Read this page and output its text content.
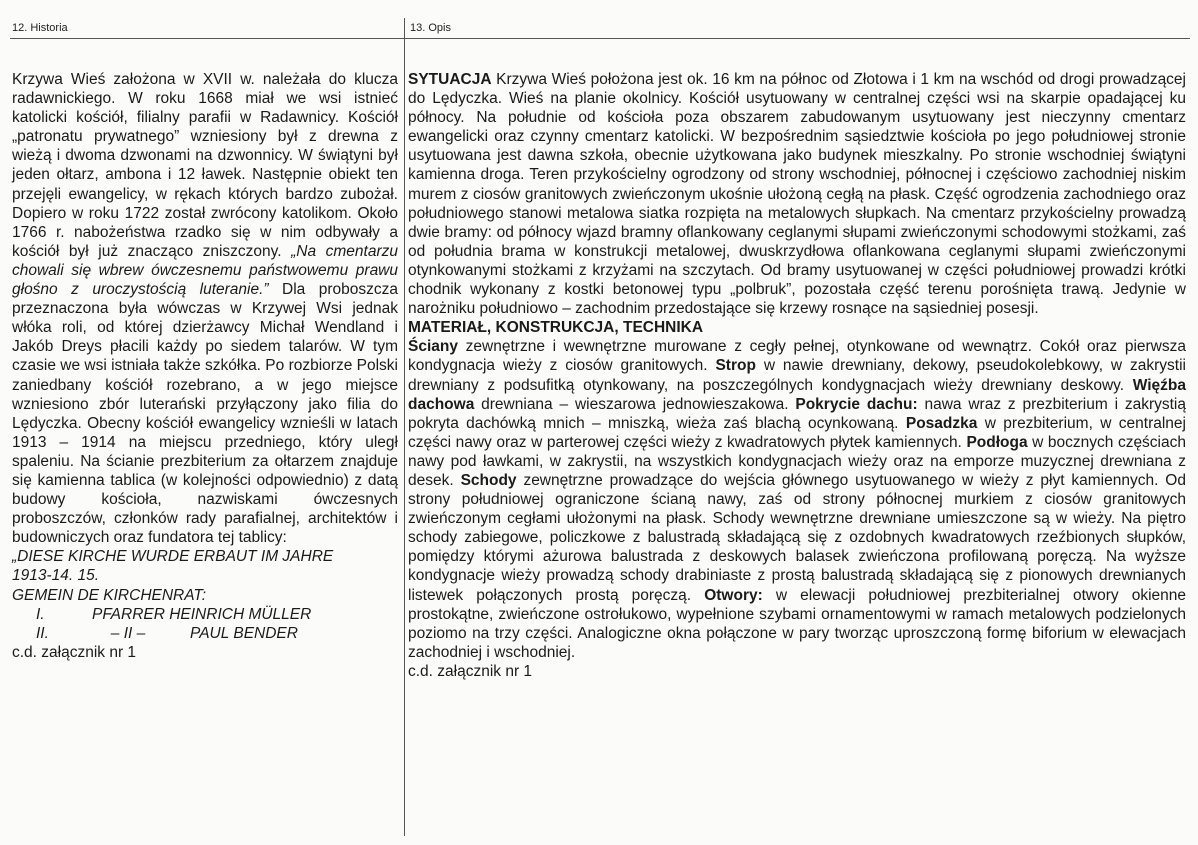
12. Historia	13. Opis

Krzywa Wieś założona w XVII w. należała do klucza radawnickiego. W roku 1668 miał we wsi istnieć katolicki kościół, filialny parafii w Radawnicy. Kościół „patronatu prywatnego” wzniesiony był z drewna z wieżą i dwoma dzwonami na dzwonnicy. W świątyni był jeden ołtarz, ambona i 12 ławek. Następnie obiekt ten przejęli ewangelicy, w rękach których bardzo zubożał. Dopiero w roku 1722 został zwrócony katolikom. Około 1766 r. nabożeństwa rzadko się w nim odbywały a kościół był już znacząco zniszczony. „Na cmentarzu chowali się wbrew ówczesnemu państwowemu prawu głośno z uroczystością luteranie.” Dla proboszcza przeznaczona była wówczas w Krzywej Wsi jednak włóka roli, od której dzierżawcy Michał Wendland i Jakób Dreys płacili każdy po siedem talarów. W tym czasie we wsi istniała także szkółka. Po rozbiorze Polski zaniedbany kościół rozebrano, a w jego miejsce wzniesiono zbór luterański przyłączony jako filia do Lędyczka. Obecny kościół ewangelicy wznieśli w latach 1913 – 1914 na miejscu przedniego, który uległ spaleniu. Na ścianie prezbiterium za ołtarzem znajduje się kamienna tablica (w kolejności odpowiednio) z datą budowy kościoła, nazwiskami ówczesnych proboszczów, członków rady parafialnej, architektów i budowniczych oraz fundatora tej tablicy:

„DIESE KIRCHE WURDE ERBAUT IM JAHRE

1913-14. 15.

GEMEIN DE KIRCHENRAT:

I.	PFARRER HEINRICH MÜLLER
II.	– II –	PAUL BENDER

c.d. załącznik nr 1

SYTUACJA Krzywa Wieś położona jest ok. 16 km na północ od Złotowa i 1 km na wschód od drogi prowadzącej do Lędyczka. Wieś na planie okolnicy. Kościół usytuowany w centralnej części wsi na skarpie opadającej ku północy. Na południe od kościoła poza obszarem zabudowanym usytuowany jest nieczynny cmentarz ewangelicki oraz czynny cmentarz katolicki. W bezpośrednim sąsiedztwie kościoła po jego południowej stronie usytuowana jest dawna szkoła, obecnie użytkowana jako budynek mieszkalny. Po stronie wschodniej świątyni kamienna droga. Teren przykościelny ogrodzony od strony wschodniej, północnej i częściowo zachodniej niskim murem z ciosów granitowych zwieńczonym ukośnie ułożoną cegłą na płask. Część ogrodzenia zachodniego oraz południowego stanowi metalowa siatka rozpięta na metalowych słupkach. Na cmentarz przykościelny prowadzą dwie bramy: od północy wjazd bramny oflankowany ceglanymi słupami zwieńczonymi schodowymi stożkami, zaś od południa brama w konstrukcji metalowej, dwuskrzydłowa oflankowana ceglanymi słupami zwieńczonymi otynkowanymi stożkami z krzyżami na szczytach. Od bramy usytuowanej w części południowej prowadzi krótki chodnik wykonany z kostki betonowej typu „polbruk”, pozostała część terenu porośnięta trawą. Jedynie w narożniku południowo – zachodnim przedostające się krzewy rosnące na sąsiedniej posesji.

MATERIAŁ, KONSTRUKCJA, TECHNIKA

Ściany zewnętrzne i wewnętrzne murowane z cegły pełnej, otynkowane od wewnątrz. Cokół oraz pierwsza kondygnacja wieży z ciosów granitowych. Strop w nawie drewniany, dekowy, pseudokolebkowy, w zakrystii drewniany z podsufitką otynkowany, na poszczególnych kondygnacjach wieży drewniany deskowy. Więźba dachowa drewniana – wieszarowa jednowieszakowa. Pokrycie dachu: nawa wraz z prezbiterium i zakrystią pokryta dachówką mnich – mniszką, wieża zaś blachą ocynkowaną. Posadzka w prezbiterium, w centralnej części nawy oraz w parterowej części wieży z kwadratowych płytek kamiennych. Podłoga w bocznych częściach nawy pod ławkami, w zakrystii, na wszystkich kondygnacjach wieży oraz na emporze muzycznej drewniana z desek. Schody zewnętrzne prowadzące do wejścia głównego usytuowanego w wieży z płyt kamiennych. Od strony południowej ograniczone ścianą nawy, zaś od strony północnej murkiem z ciosów granitowych zwieńczonym cegłami ułożonymi na płask. Schody wewnętrzne drewniane umieszczone są w wieży. Na piętro schody zabiegowe, policzkowe z balustradą składającą się z ozdobnych kwadratowych rzeźbionych słupków, pomiędzy którymi ażurowa balustrada z deskowych balasek zwieńczona profilowaną poręczą. Na wyższe kondygnacje wieży prowadzą schody drabiniaste z prostą balustradą składającą się z pionowych drewnianych listewek połączonych prostą poręczą. Otwory: w elewacji południowej prezbiterialnej otwory okienne prostokątne, zwieńczone ostrołukowo, wypełnione szybami ornamentowymi w ramach metalowych podzielonych poziomo na trzy części. Analogiczne okna połączone w pary tworząc uproszczoną formę biforium w elewacjach zachodniej i wschodniej.

c.d. załącznik nr 1
